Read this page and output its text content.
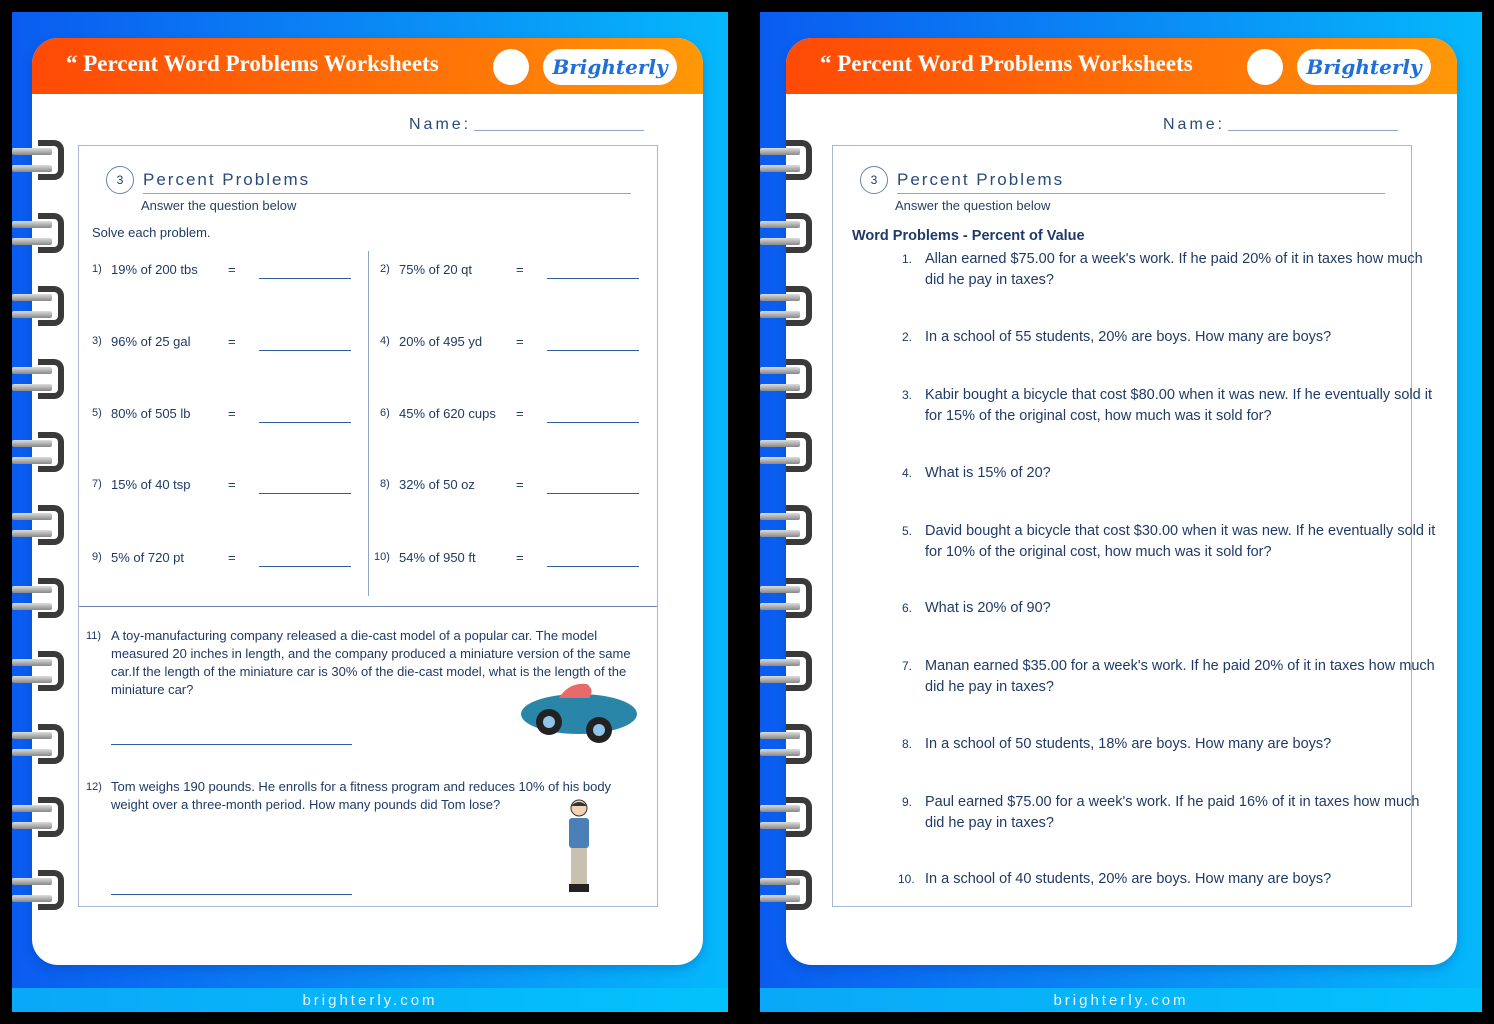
“ Percent Word Problems Worksheets	Brighterly
Name:
3	Percent Problems
Answer the question below
Solve each problem.
1) 19% of 200 tbs =	2) 75% of 20 qt	=
3) 96% of 25 gal	=	4) 20% of 495 yd	=
5) 80% of 505 lb	=	6) 45% of 620 cups =
7) 15% of 40 tsp	=	8) 32% of 50 oz	=
9) 5% of 720 pt	=	10) 54% of 950 ft	=
11) A toy-manufacturing company released a die-cast model of a popular car. The model measured 20 inches in length, and the company produced a miniature version of the same car.If the length of the miniature car is 30% of the die-cast model, what is the length of the miniature car?
12) Tom weighs 190 pounds. He enrolls for a fitness program and reduces 10% of his body weight over a three-month period. How many pounds did Tom lose?
brighterly.com
“ Percent Word Problems Worksheets	Brighterly
Name:
3	Percent Problems
Answer the question below
Word Problems - Percent of Value
1. Allan earned $75.00 for a week's work. If he paid 20% of it in taxes how much did he pay in taxes?
2. In a school of 55 students, 20% are boys. How many are boys?
3. Kabir bought a bicycle that cost $80.00 when it was new. If he eventually sold it for 15% of the original cost, how much was it sold for?
4. What is 15% of 20?
5. David bought a bicycle that cost $30.00 when it was new. If he eventually sold it for 10% of the original cost, how much was it sold for?
6. What is 20% of 90?
7. Manan earned $35.00 for a week's work. If he paid 20% of it in taxes how much did he pay in taxes?
8. In a school of 50 students, 18% are boys. How many are boys?
9. Paul earned $75.00 for a week's work. If he paid 16% of it in taxes how much did he pay in taxes?
10. In a school of 40 students, 20% are boys. How many are boys?
brighterly.com
